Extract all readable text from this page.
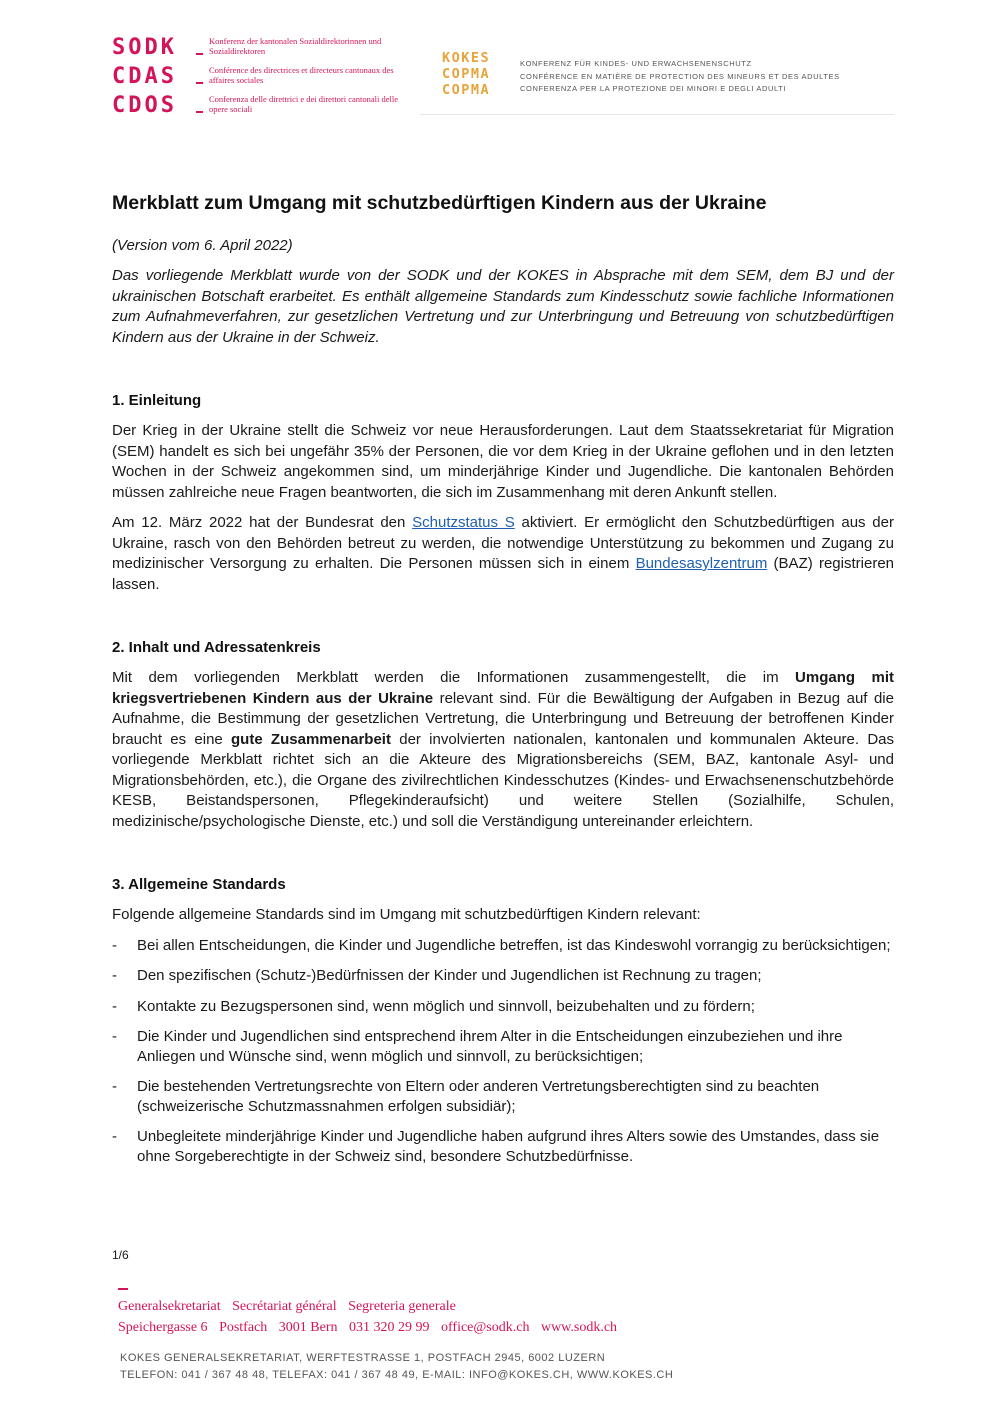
SODK	Konferenz der kantonalen Sozialdirektorinnen und Sozialdirektoren
CDAS	Conférence des directrices et directeurs cantonaux des affaires sociales
CDOS	Conferenza delle direttrici e dei direttori cantonali delle opere sociali
KOKES
COPMA
COPMA
KONFERENZ FÜR KINDES- UND ERWACHSENENSCHUTZ
CONFÉRENCE EN MATIÈRE DE PROTECTION DES MINEURS ET DES ADULTES
CONFERENZA PER LA PROTEZIONE DEI MINORI E DEGLI ADULTI
Merkblatt zum Umgang mit schutzbedürftigen Kindern aus der Ukraine
(Version vom 6. April 2022)
Das vorliegende Merkblatt wurde von der SODK und der KOKES in Absprache mit dem SEM, dem BJ und der ukrainischen Botschaft erarbeitet. Es enthält allgemeine Standards zum Kindesschutz sowie fachliche Informationen zum Aufnahmeverfahren, zur gesetzlichen Vertretung und zur Unterbringung und Betreuung von schutzbedürftigen Kindern aus der Ukraine in der Schweiz.
1. Einleitung

Der Krieg in der Ukraine stellt die Schweiz vor neue Herausforderungen. Laut dem Staatssekretariat für Migration (SEM) handelt es sich bei ungefähr 35% der Personen, die vor dem Krieg in der Ukraine geflohen und in den letzten Wochen in der Schweiz angekommen sind, um minderjährige Kinder und Jugendliche. Die kantonalen Behörden müssen zahlreiche neue Fragen beantworten, die sich im Zusammenhang mit deren Ankunft stellen.

Am 12. März 2022 hat der Bundesrat den Schutzstatus S aktiviert. Er ermöglicht den Schutzbedürftigen aus der Ukraine, rasch von den Behörden betreut zu werden, die notwendige Unterstützung zu bekommen und Zugang zu medizinischer Versorgung zu erhalten. Die Personen müssen sich in einem Bundesasylzentrum (BAZ) registrieren lassen.

2. Inhalt und Adressatenkreis

Mit dem vorliegenden Merkblatt werden die Informationen zusammengestellt, die im Umgang mit kriegsvertriebenen Kindern aus der Ukraine relevant sind. Für die Bewältigung der Aufgaben in Bezug auf die Aufnahme, die Bestimmung der gesetzlichen Vertretung, die Unterbringung und Betreuung der betroffenen Kinder braucht es eine gute Zusammenarbeit der involvierten nationalen, kantonalen und kommunalen Akteure. Das vorliegende Merkblatt richtet sich an die Akteure des Migrationsbereichs (SEM, BAZ, kantonale Asyl- und Migrationsbehörden, etc.), die Organe des zivilrechtlichen Kindesschutzes (Kindes- und Erwachsenenschutzbehörde KESB, Beistandspersonen, Pflegekinderaufsicht) und weitere Stellen (Sozialhilfe, Schulen, medizinische/psychologische Dienste, etc.) und soll die Verständigung untereinander erleichtern.

3. Allgemeine Standards

Folgende allgemeine Standards sind im Umgang mit schutzbedürftigen Kindern relevant:

- Bei allen Entscheidungen, die Kinder und Jugendliche betreffen, ist das Kindeswohl vorrangig zu berücksichtigen;
- Den spezifischen (Schutz-)Bedürfnissen der Kinder und Jugendlichen ist Rechnung zu tragen;
- Kontakte zu Bezugspersonen sind, wenn möglich und sinnvoll, beizubehalten und zu fördern;
- Die Kinder und Jugendlichen sind entsprechend ihrem Alter in die Entscheidungen einzubeziehen und ihre Anliegen und Wünsche sind, wenn möglich und sinnvoll, zu berücksichtigen;
- Die bestehenden Vertretungsrechte von Eltern oder anderen Vertretungsberechtigten sind zu beachten (schweizerische Schutzmassnahmen erfolgen subsidiär);
- Unbegleitete minderjährige Kinder und Jugendliche haben aufgrund ihres Alters sowie des Umstandes, dass sie ohne Sorgeberechtigte in der Schweiz sind, besondere Schutzbedürfnisse.
1/6
Generalsekretariat Secrétariat général Segreteria generale
Speichergasse 6 Postfach 3001 Bern 031 320 29 99 office@sodk.ch www.sodk.ch
KOKES GENERALSEKRETARIAT, WERFTESTRASSE 1, POSTFACH 2945, 6002 LUZERN
TELEFON: 041 / 367 48 48, TELEFAX: 041 / 367 48 49, E-MAIL: INFO@KOKES.CH, WWW.KOKES.CH
